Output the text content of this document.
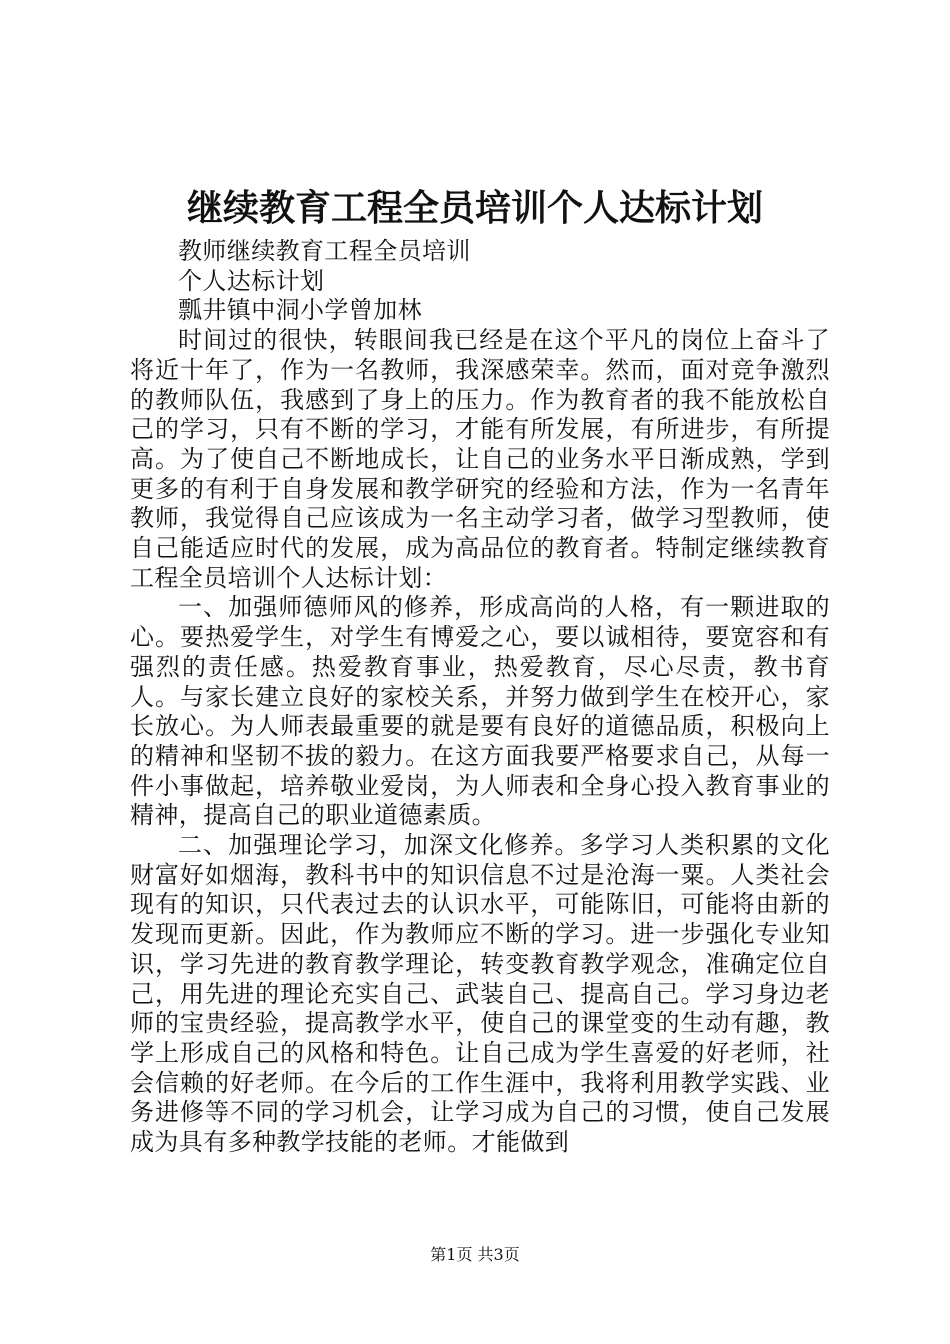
继续教育工程全员培训个人达标计划

教师继续教育工程全员培训

个人达标计划

瓢井镇中洞小学曾加林

时间过的很快，转眼间我已经是在这个平凡的岗位上奋斗了将近十年了，作为一名教师，我深感荣幸。然而，面对竞争激烈的教师队伍，我感到了身上的压力。作为教育者的我不能放松自己的学习，只有不断的学习，才能有所发展，有所进步，有所提高。为了使自己不断地成长，让自己的业务水平日渐成熟，学到更多的有利于自身发展和教学研究的经验和方法，作为一名青年教师，我觉得自己应该成为一名主动学习者，做学习型教师，使自己能适应时代的发展，成为高品位的教育者。特制定继续教育工程全员培训个人达标计划：

一、加强师德师风的修养，形成高尚的人格，有一颗进取的心。要热爱学生，对学生有博爱之心，要以诚相待，要宽容和有强烈的责任感。热爱教育事业，热爱教育，尽心尽责，教书育人。与家长建立良好的家校关系，并努力做到学生在校开心，家长放心。为人师表最重要的就是要有良好的道德品质，积极向上的精神和坚韧不拔的毅力。在这方面我要严格要求自己，从每一件小事做起，培养敬业爱岗，为人师表和全身心投入教育事业的精神，提高自己的职业道德素质。

二、加强理论学习，加深文化修养。多学习人类积累的文化财富好如烟海，教科书中的知识信息不过是沧海一粟。人类社会现有的知识，只代表过去的认识水平，可能陈旧，可能将由新的发现而更新。因此，作为教师应不断的学习。进一步强化专业知识，学习先进的教育教学理论，转变教育教学观念，准确定位自己，用先进的理论充实自己、武装自己、提高自己。学习身边老师的宝贵经验，提高教学水平，使自己的课堂变的生动有趣，教学上形成自己的风格和特色。让自己成为学生喜爱的好老师，社会信赖的好老师。在今后的工作生涯中，我将利用教学实践、业务进修等不同的学习机会，让学习成为自己的习惯，使自己发展成为具有多种教学技能的老师。才能做到

第1页 共3页
